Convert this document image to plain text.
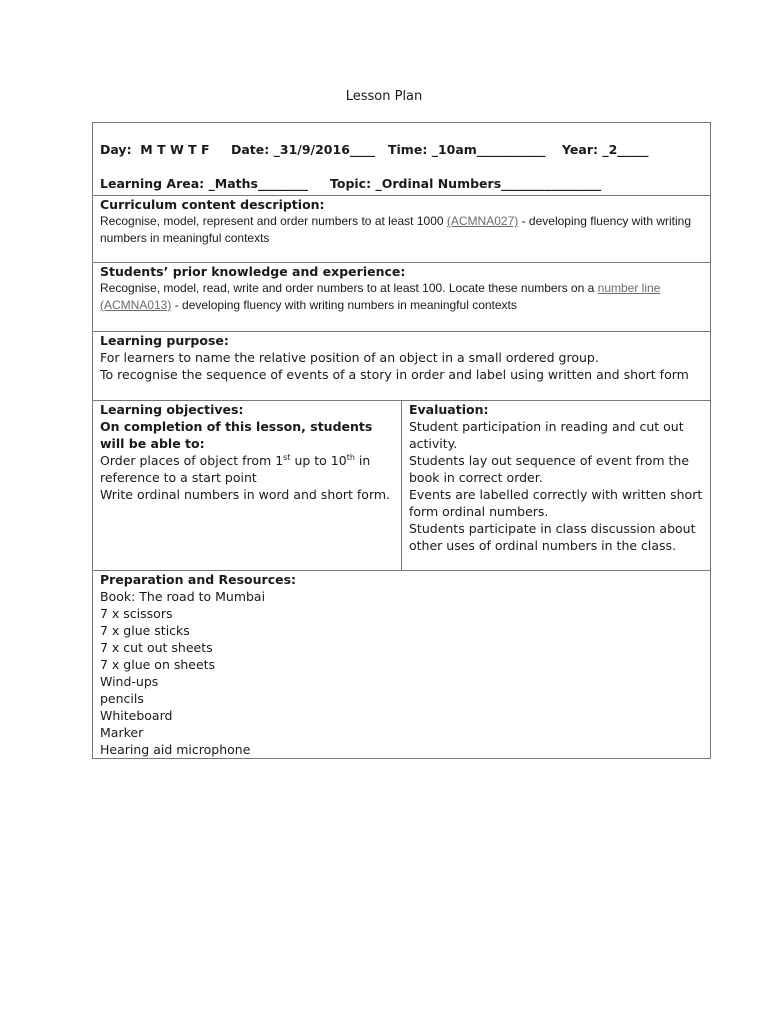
Lesson Plan
Day: M T W T F Date: _31/9/2016____ Time: _10am___________ Year: _2_____
Learning Area: _Maths________ Topic: _Ordinal Numbers________________

Curriculum content description:

Recognise, model, represent and order numbers to at least 1000 (ACMNA027) - developing fluency with writing numbers in meaningful contexts

Students’ prior knowledge and experience:

Recognise, model, read, write and order numbers to at least 100. Locate these numbers on a number line (ACMNA013) - developing fluency with writing numbers in meaningful contexts

Learning purpose:

For learners to name the relative position of an object in a small ordered group.

To recognise the sequence of events of a story in order and label using written and short form

Learning objectives:

On completion of this lesson, students will be able to:

Order places of object from 1st up to 10th in reference to a start point

Write ordinal numbers in word and short form.

Evaluation:

Student participation in reading and cut out activity.

Students lay out sequence of event from the book in correct order.

Events are labelled correctly with written short form ordinal numbers.

Students participate in class discussion about other uses of ordinal numbers in the class.

Preparation and Resources:

Book: The road to Mumbai

7 x scissors

7 x glue sticks

7 x cut out sheets

7 x glue on sheets

Wind-ups

pencils

Whiteboard

Marker

Hearing aid microphone
